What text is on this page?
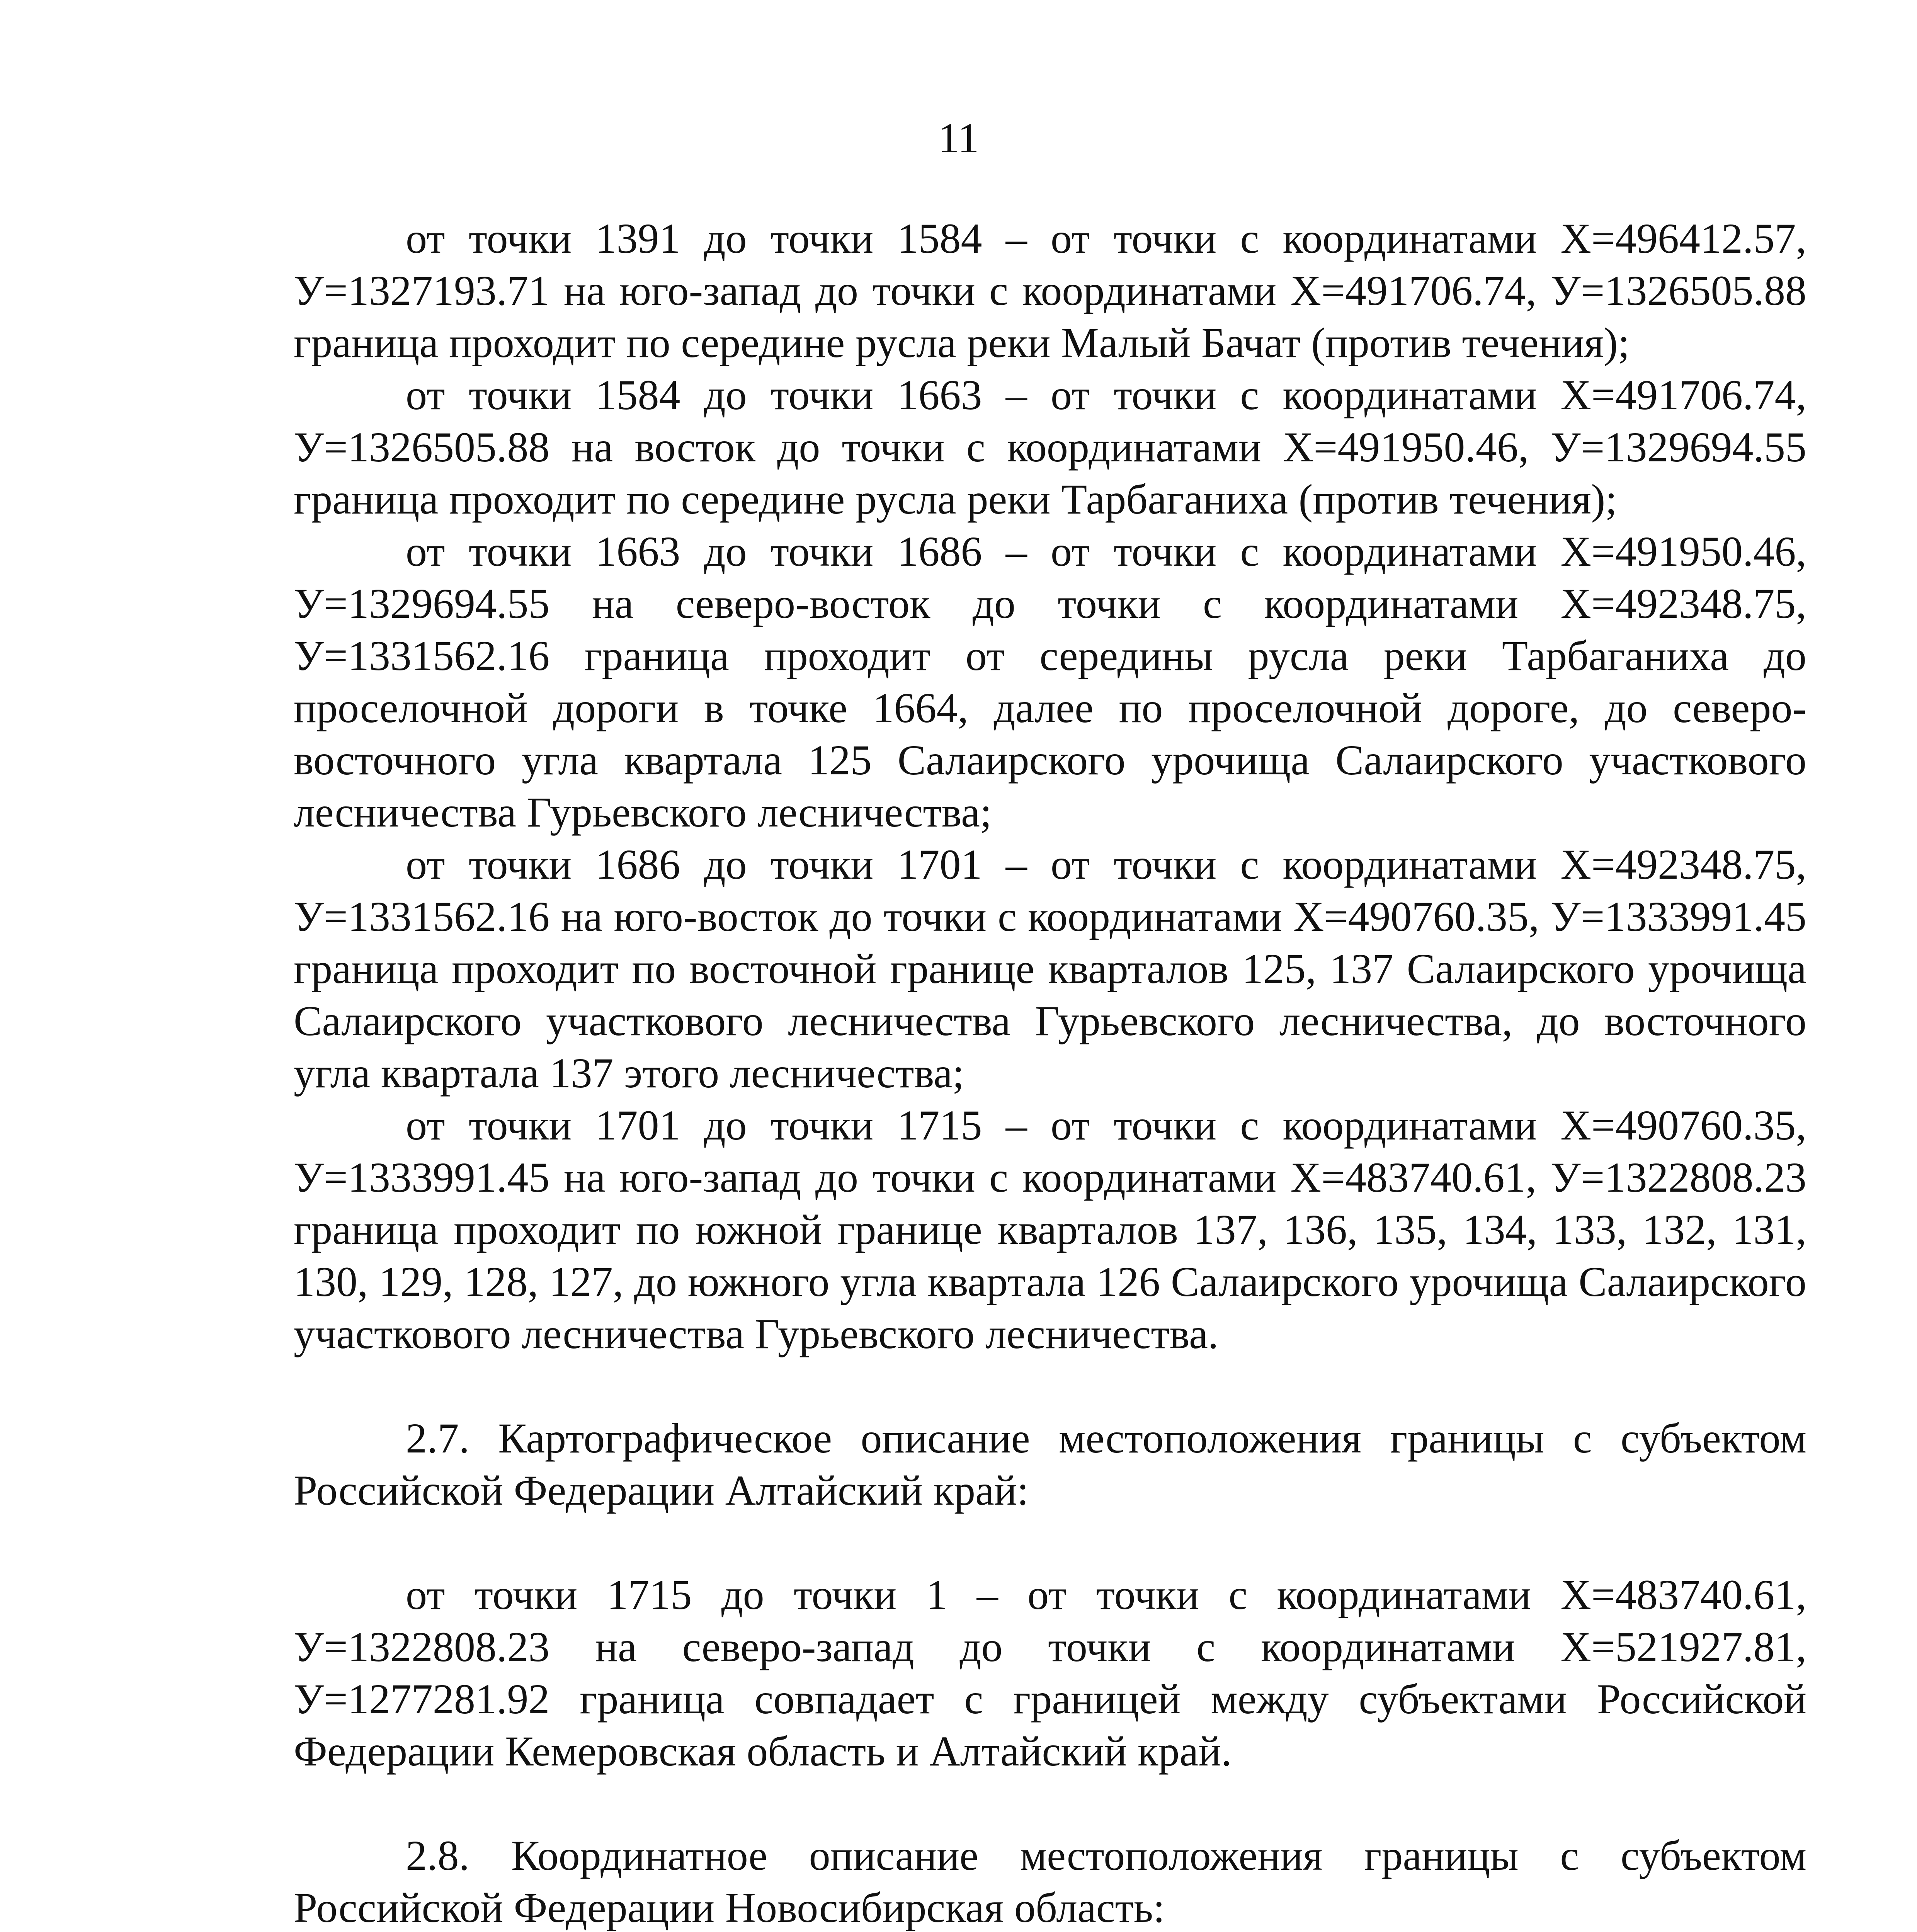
11

от точки 1391 до точки 1584 – от точки с координатами Х=496412.57, У=1327193.71 на юго-запад до точки с координатами Х=491706.74, У=1326505.88 граница проходит по середине русла реки Малый Бачат (против течения);

от точки 1584 до точки 1663 – от точки с координатами Х=491706.74, У=1326505.88 на восток до точки с координатами Х=491950.46, У=1329694.55 граница проходит по середине русла реки Тарбаганиха (против течения);

от точки 1663 до точки 1686 – от точки с координатами Х=491950.46, У=1329694.55 на северо-восток до точки с координатами Х=492348.75, У=1331562.16 граница проходит от середины русла реки Тарбаганиха до проселочной дороги в точке 1664, далее по проселочной дороге, до северо-восточного угла квартала 125 Салаирского урочища Салаирского участкового лесничества Гурьевского лесничества;

от точки 1686 до точки 1701 – от точки с координатами Х=492348.75, У=1331562.16 на юго-восток до точки с координатами Х=490760.35, У=1333991.45 граница проходит по восточной границе кварталов 125, 137 Салаирского урочища Салаирского участкового лесничества Гурьевского лесничества, до восточного угла квартала 137 этого лесничества;

от точки 1701 до точки 1715 – от точки с координатами Х=490760.35, У=1333991.45 на юго-запад до точки с координатами Х=483740.61, У=1322808.23 граница проходит по южной границе кварталов 137, 136, 135, 134, 133, 132, 131, 130, 129, 128, 127, до южного угла квартала 126 Салаирского урочища Салаирского участкового лесничества Гурьевского лесничества.

2.7. Картографическое описание местоположения границы с субъектом Российской Федерации Алтайский край:

от точки 1715 до точки 1 – от точки с координатами Х=483740.61, У=1322808.23 на северо-запад до точки с координатами Х=521927.81, У=1277281.92 граница совпадает с границей между субъектами Российской Федерации Кемеровская область и Алтайский край.

2.8. Координатное описание местоположения границы с субъектом Российской Федерации Новосибирская область:
